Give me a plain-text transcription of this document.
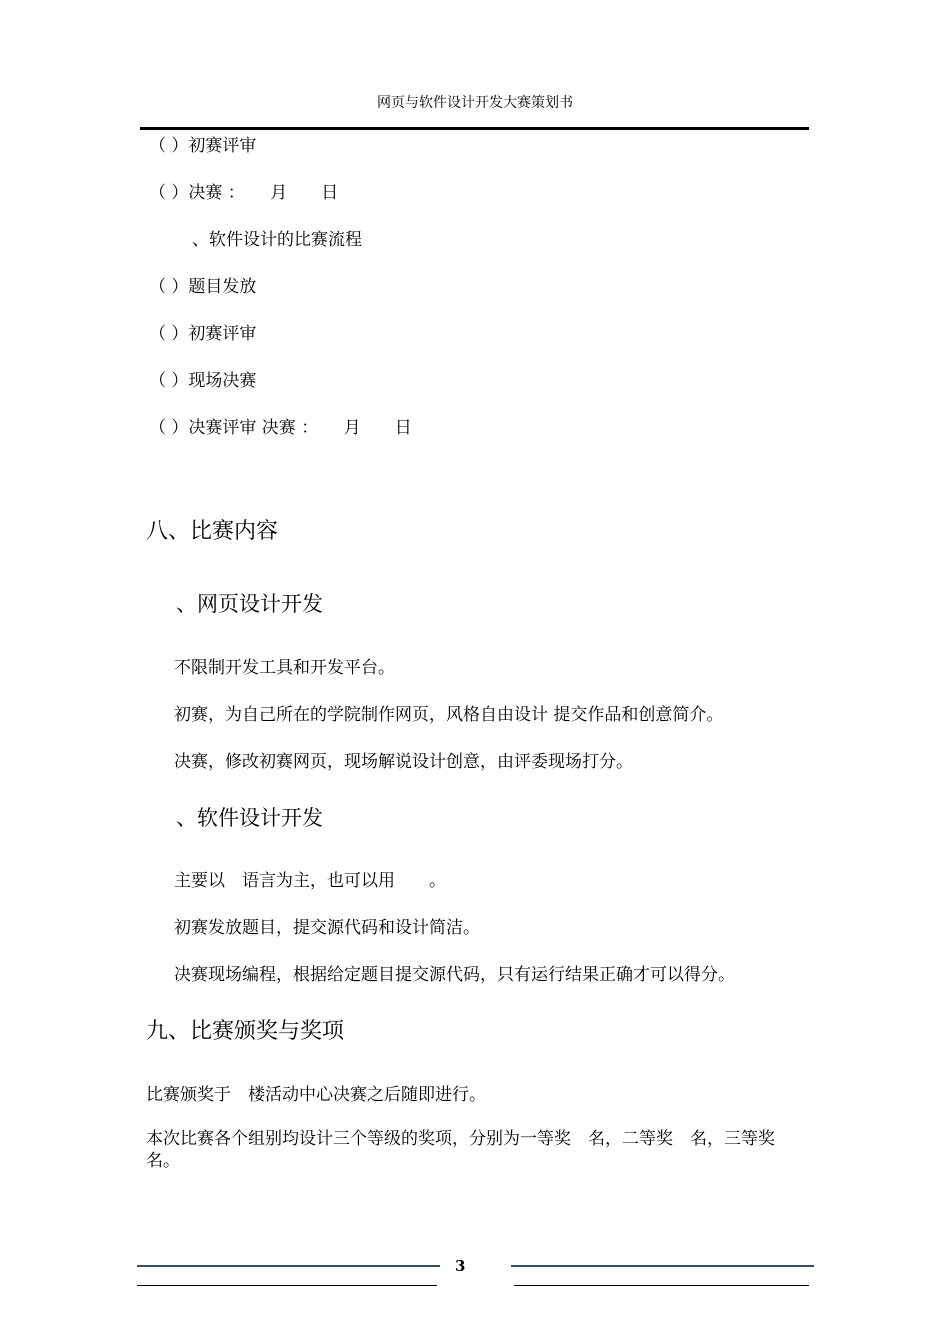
网页与软件设计开发大赛策划书
（ ）初赛评审
（ ）决赛 ：　　月　　日
、软件设计的比赛流程
（ ）题目发放
（ ）初赛评审
（ ）现场决赛
（ ）决赛评审 决赛 ：　　月　　日
八、比赛内容
、网页设计开发
不限制开发工具和开发平台。
初赛，为自己所在的学院制作网页，风格自由设计 提交作品和创意简介。
决赛，修改初赛网页，现场解说设计创意，由评委现场打分。
、软件设计开发
主要以　语言为主，也可以用　　。
初赛发放题目，提交源代码和设计简洁。
决赛现场编程，根据给定题目提交源代码，只有运行结果正确才可以得分。
九、比赛颁奖与奖项
比赛颁奖于　楼活动中心决赛之后随即进行。
本次比赛各个组别均设计三个等级的奖项，分别为一等奖　名，二等奖　名，三等奖　名。
3
